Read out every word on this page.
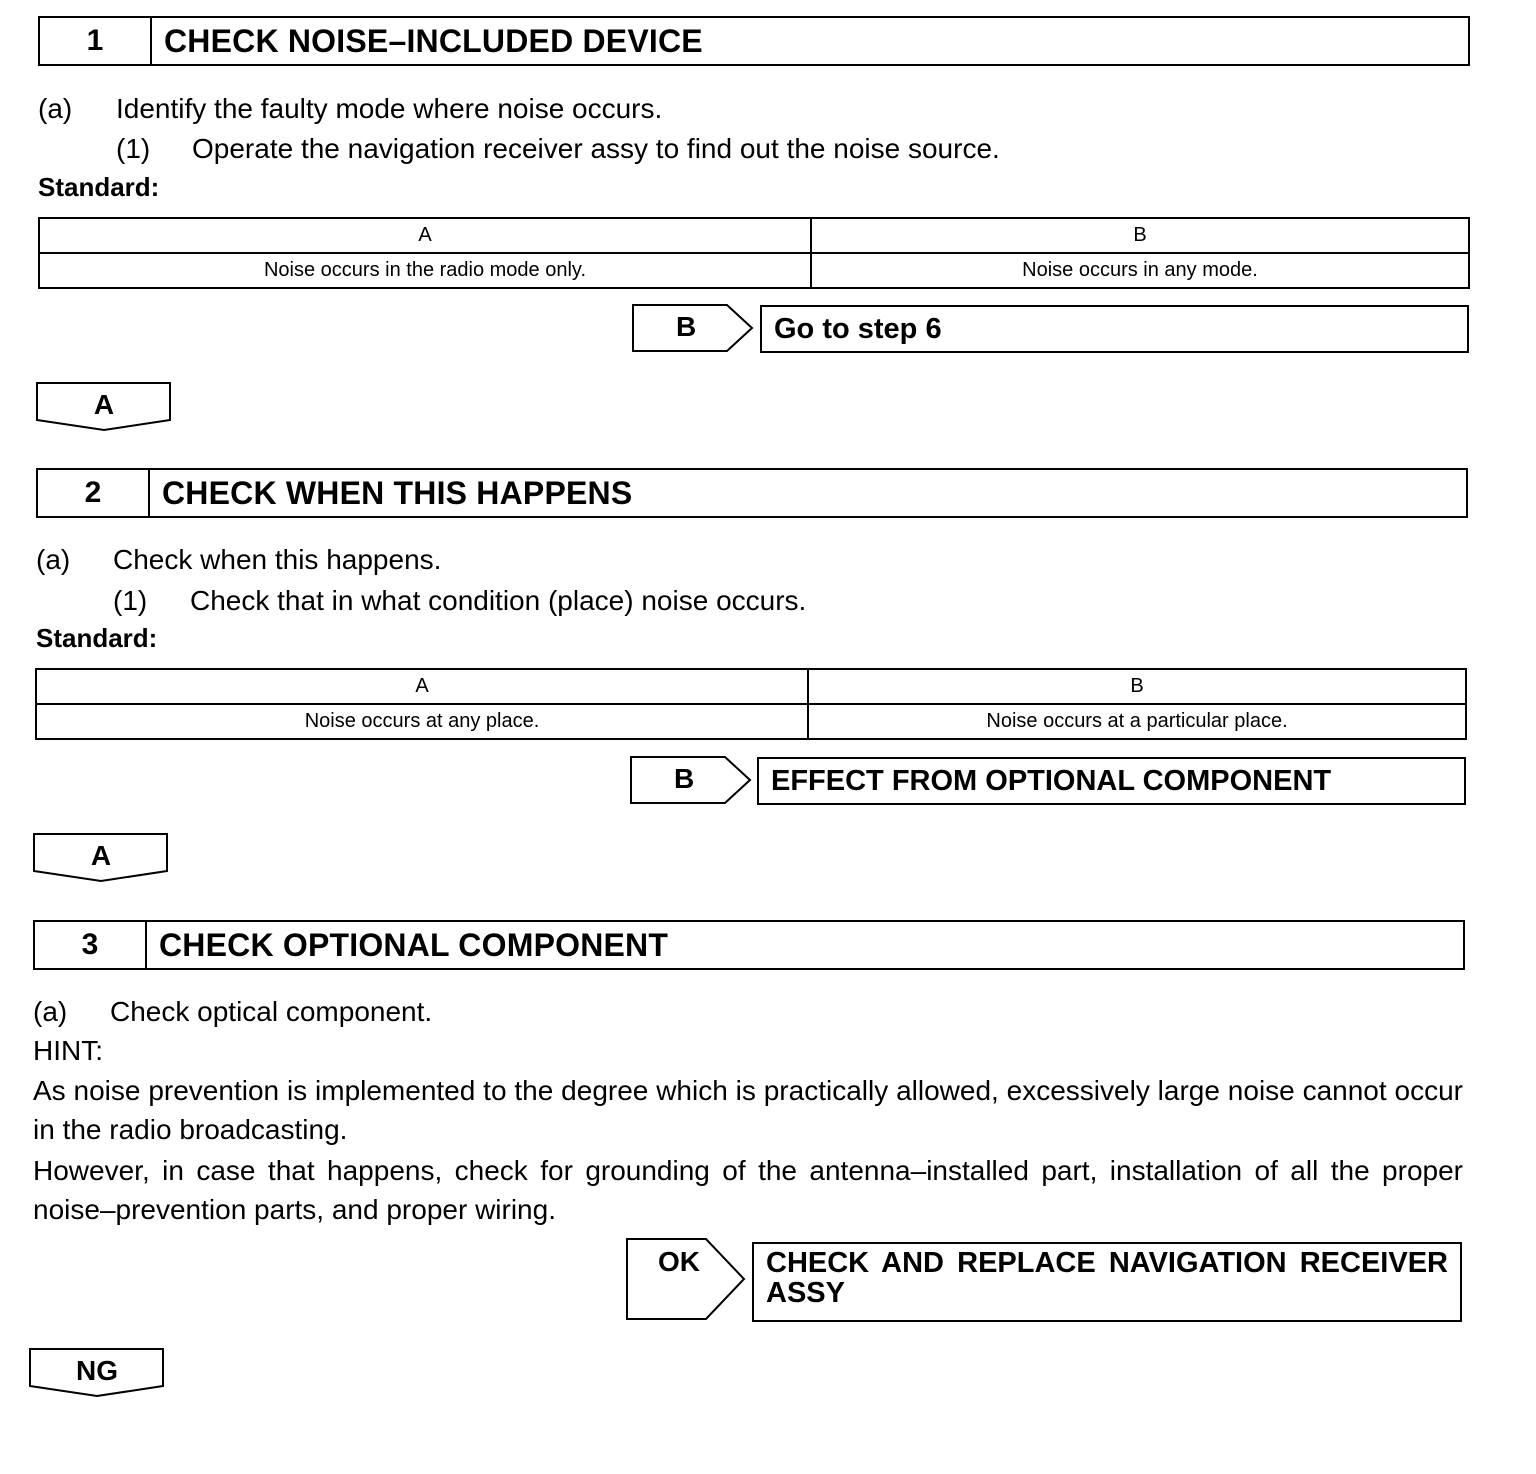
1	CHECK NOISE–INCLUDED DEVICE
(a) Identify the faulty mode where noise occurs.
(1) Operate the navigation receiver assy to find out the noise source.
Standard:
A	B
Noise occurs in the radio mode only.	Noise occurs in any mode.
B	Go to step 6
A
2	CHECK WHEN THIS HAPPENS
(a) Check when this happens.
(1) Check that in what condition (place) noise occurs.
Standard:
A	B
Noise occurs at any place.	Noise occurs at a particular place.
B	EFFECT FROM OPTIONAL COMPONENT
A
3	CHECK OPTIONAL COMPONENT
(a) Check optical component.
HINT:
As noise prevention is implemented to the degree which is practically allowed, excessively large noise cannot occur in the radio broadcasting.
However, in case that happens, check for grounding of the antenna–installed part, installation of all the proper noise–prevention parts, and proper wiring.
OK CHECK AND REPLACE NAVIGATION RECEIVER ASSY
NG
